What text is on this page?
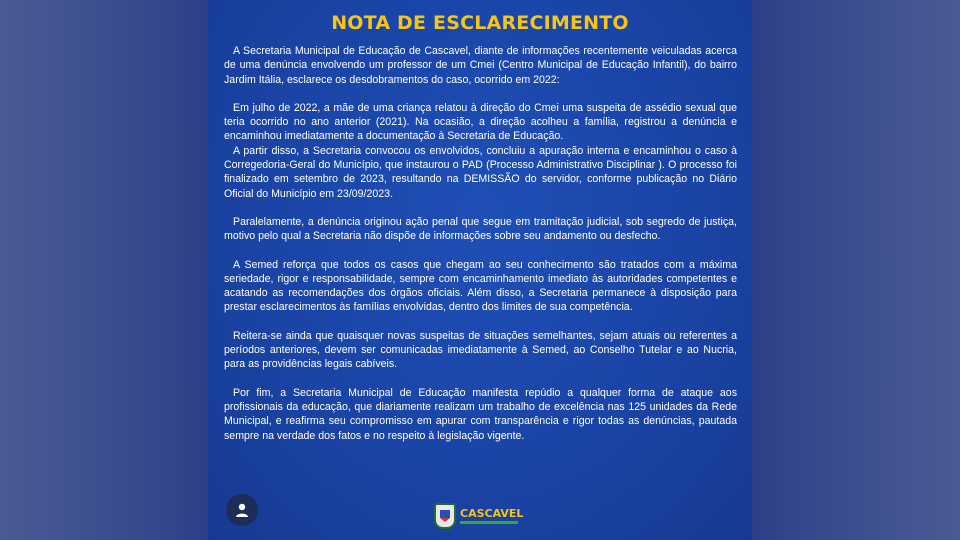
NOTA DE ESCLARECIMENTO

A Secretaria Municipal de Educação de Cascavel, diante de informações recentemente veiculadas acerca de uma denúncia envolvendo um professor de um Cmei (Centro Municipal de Educação Infantil), do bairro Jardim Itália, esclarece os desdobramentos do caso, ocorrido em 2022:

Em julho de 2022, a mãe de uma criança relatou à direção do Cmei uma suspeita de assédio sexual que teria ocorrido no ano anterior (2021). Na ocasião, a direção acolheu a família, registrou a denúncia e encaminhou imediatamente a documentação à Secretaria de Educação.

A partir disso, a Secretaria convocou os envolvidos, concluiu a apuração interna e encaminhou o caso à Corregedoria-Geral do Município, que instaurou o PAD (Processo Administrativo Disciplinar ). O processo foi finalizado em setembro de 2023, resultando na DEMISSÃO do servidor, conforme publicação no Diário Oficial do Município em 23/09/2023.

Paralelamente, a denúncia originou ação penal que segue em tramitação judicial, sob segredo de justiça, motivo pelo qual a Secretaria não dispõe de informações sobre seu andamento ou desfecho.

A Semed reforça que todos os casos que chegam ao seu conhecimento são tratados com a máxima seriedade, rigor e responsabilidade, sempre com encaminhamento imediato às autoridades competentes e acatando as recomendações dos órgãos oficiais. Além disso, a Secretaria permanece à disposição para prestar esclarecimentos às famílias envolvidas, dentro dos limites de sua competência.

Reitera-se ainda que quaisquer novas suspeitas de situações semelhantes, sejam atuais ou referentes a períodos anteriores, devem ser comunicadas imediatamente à Semed, ao Conselho Tutelar e ao Nucria, para as providências legais cabíveis.

Por fim, a Secretaria Municipal de Educação manifesta repúdio a qualquer forma de ataque aos profissionais da educação, que diariamente realizam um trabalho de excelência nas 125 unidades da Rede Municipal, e reafirma seu compromisso em apurar com transparência e rigor todas as denúncias, pautada sempre na verdade dos fatos e no respeito à legislação vigente.

CASCAVEL
